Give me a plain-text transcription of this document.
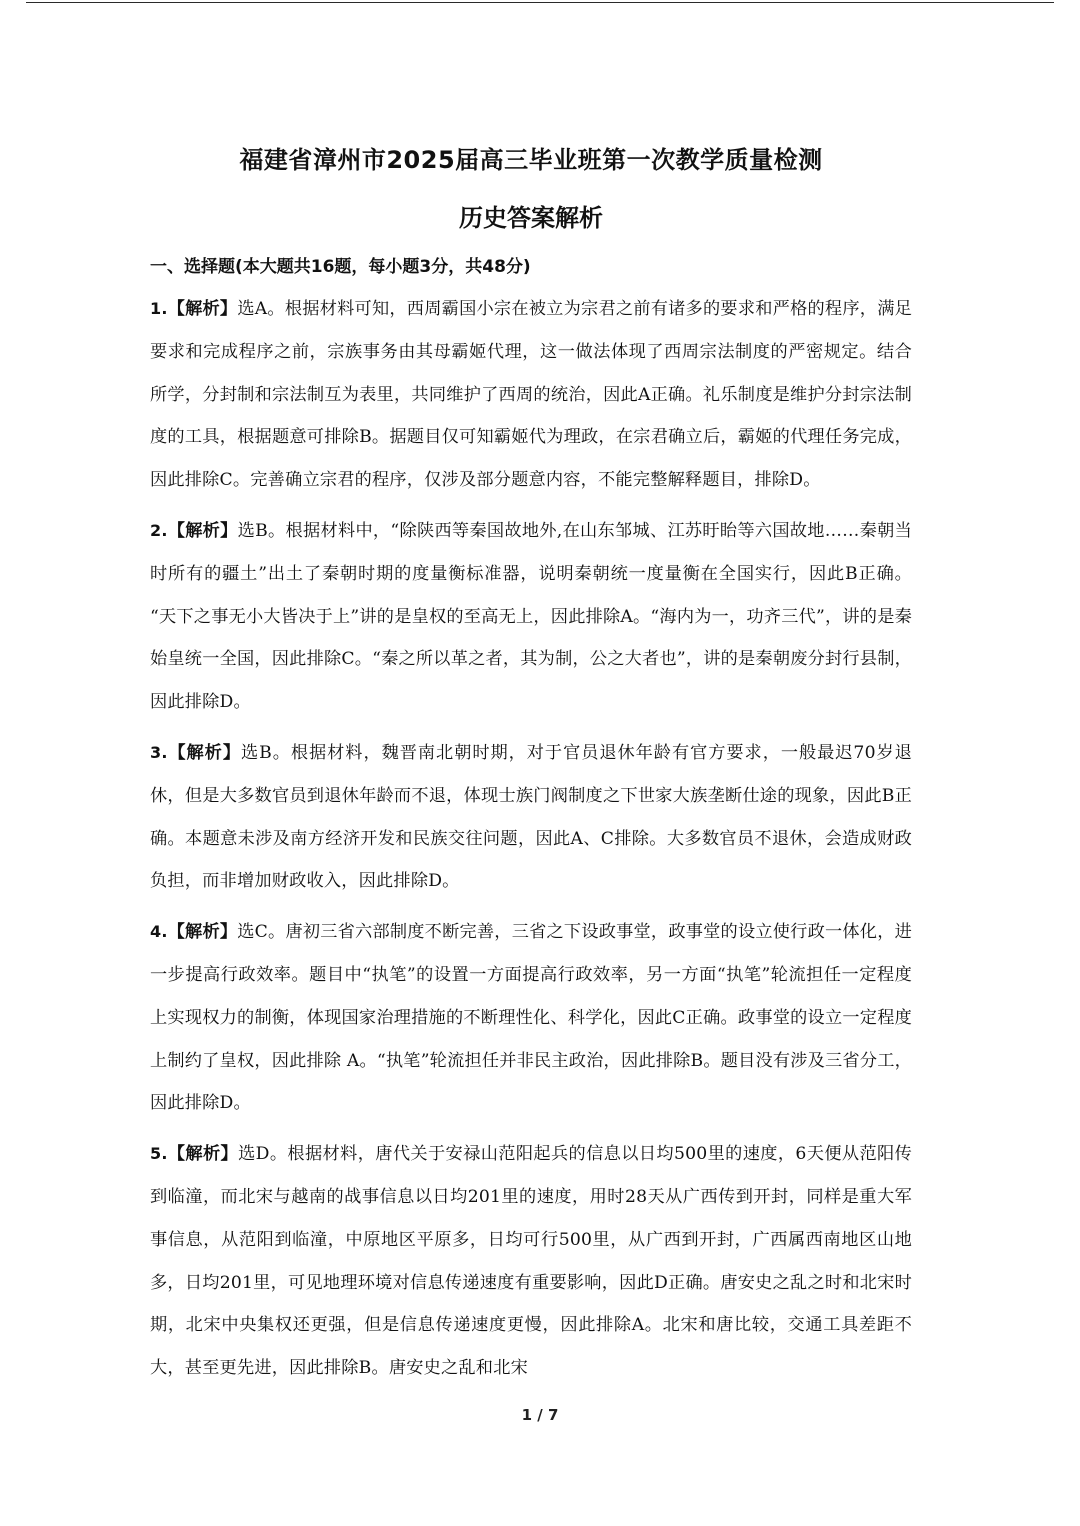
福建省漳州市2025届高三毕业班第一次教学质量检测
历史答案解析
一、选择题(本大题共16题，每小题3分，共48分)

1.【解析】选A。根据材料可知，西周霸国小宗在被立为宗君之前有诸多的要求和严格的程序，满足要求和完成程序之前，宗族事务由其母霸姬代理，这一做法体现了西周宗法制度的严密规定。结合所学，分封制和宗法制互为表里，共同维护了西周的统治，因此A正确。礼乐制度是维护分封宗法制度的工具，根据题意可排除B。据题目仅可知霸姬代为理政，在宗君确立后，霸姬的代理任务完成，因此排除C。完善确立宗君的程序，仅涉及部分题意内容，不能完整解释题目，排除D。

2.【解析】选B。根据材料中，“除陕西等秦国故地外,在山东邹城、江苏盱眙等六国故地……秦朝当时所有的疆土”出土了秦朝时期的度量衡标准器，说明秦朝统一度量衡在全国实行，因此B正确。 “天下之事无小大皆决于上”讲的是皇权的至高无上，因此排除A。“海内为一，功齐三代”，讲的是秦始皇统一全国，因此排除C。“秦之所以革之者，其为制，公之大者也”，讲的是秦朝废分封行县制，因此排除D。

3.【解析】选B。根据材料，魏晋南北朝时期，对于官员退休年龄有官方要求，一般最迟70岁退休，但是大多数官员到退休年龄而不退，体现士族门阀制度之下世家大族垄断仕途的现象，因此B正确。本题意未涉及南方经济开发和民族交往问题，因此A、C排除。大多数官员不退休，会造成财政负担，而非增加财政收入，因此排除D。

4.【解析】选C。唐初三省六部制度不断完善，三省之下设政事堂，政事堂的设立使行政一体化，进一步提高行政效率。题目中“执笔”的设置一方面提高行政效率，另一方面“执笔”轮流担任一定程度上实现权力的制衡，体现国家治理措施的不断理性化、科学化，因此C正确。政事堂的设立一定程度上制约了皇权，因此排除 A。“执笔”轮流担任并非民主政治，因此排除B。题目没有涉及三省分工，因此排除D。

5.【解析】选D。根据材料，唐代关于安禄山范阳起兵的信息以日均500里的速度，6天便从范阳传到临潼，而北宋与越南的战事信息以日均201里的速度，用时28天从广西传到开封，同样是重大军事信息，从范阳到临潼，中原地区平原多，日均可行500里，从广西到开封，广西属西南地区山地多，日均201里，可见地理环境对信息传递速度有重要影响，因此D正确。唐安史之乱之时和北宋时期，北宋中央集权还更强，但是信息传递速度更慢，因此排除A。北宋和唐比较，交通工具差距不大，甚至更先进，因此排除B。唐安史之乱和北宋

1 / 7
